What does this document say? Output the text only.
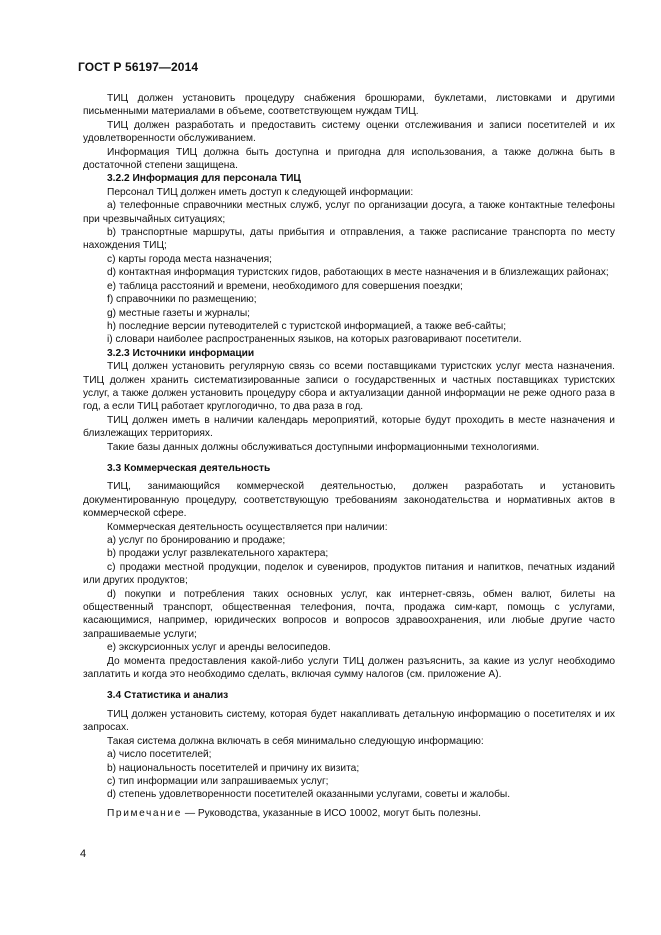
ГОСТ Р 56197—2014

ТИЦ должен установить процедуру снабжения брошюрами, буклетами, листовками и другими письменными материалами в объеме, соответствующем нуждам ТИЦ.

ТИЦ должен разработать и предоставить систему оценки отслеживания и записи посетителей и их удовлетворенности обслуживанием.

Информация ТИЦ должна быть доступна и пригодна для использования, а также должна быть в достаточной степени защищена.

3.2.2 Информация для персонала ТИЦ

Персонал ТИЦ должен иметь доступ к следующей информации:

a) телефонные справочники местных служб, услуг по организации досуга, а также контактные телефоны при чрезвычайных ситуациях;

b) транспортные маршруты, даты прибытия и отправления, а также расписание транспорта по месту нахождения ТИЦ;

c) карты города места назначения;

d) контактная информация туристских гидов, работающих в месте назначения и в близлежащих районах;

e) таблица расстояний и времени, необходимого для совершения поездки;

f) справочники по размещению;

g) местные газеты и журналы;

h) последние версии путеводителей с туристской информацией, а также веб-сайты;

i) словари наиболее распространенных языков, на которых разговаривают посетители.

3.2.3 Источники информации

ТИЦ должен установить регулярную связь со всеми поставщиками туристских услуг места назначения. ТИЦ должен хранить систематизированные записи о государственных и частных поставщиках туристских услуг, а также должен установить процедуру сбора и актуализации данной информации не реже одного раза в год, а если ТИЦ работает круглогодично, то два раза в год.

ТИЦ должен иметь в наличии календарь мероприятий, которые будут проходить в месте назначения и близлежащих территориях.

Такие базы данных должны обслуживаться доступными информационными технологиями.

3.3 Коммерческая деятельность

ТИЦ, занимающийся коммерческой деятельностью, должен разработать и установить документированную процедуру, соответствующую требованиям законодательства и нормативных актов в коммерческой сфере.

Коммерческая деятельность осуществляется при наличии:

a) услуг по бронированию и продаже;

b) продажи услуг развлекательного характера;

c) продажи местной продукции, поделок и сувениров, продуктов питания и напитков, печатных изданий или других продуктов;

d) покупки и потребления таких основных услуг, как интернет-связь, обмен валют, билеты на общественный транспорт, общественная телефония, почта, продажа сим-карт, помощь с услугами, касающимися, например, юридических вопросов и вопросов здравоохранения, или любые другие часто запрашиваемые услуги;

e) экскурсионных услуг и аренды велосипедов.

До момента предоставления какой-либо услуги ТИЦ должен разъяснить, за какие из услуг необходимо заплатить и когда это необходимо сделать, включая сумму налогов (см. приложение А).

3.4 Статистика и анализ

ТИЦ должен установить систему, которая будет накапливать детальную информацию о посетителях и их запросах.

Такая система должна включать в себя минимально следующую информацию:

a) число посетителей;

b) национальность посетителей и причину их визита;

c) тип информации или запрашиваемых услуг;

d) степень удовлетворенности посетителей оказанными услугами, советы и жалобы.

Примечание — Руководства, указанные в ИСО 10002, могут быть полезны.

4
